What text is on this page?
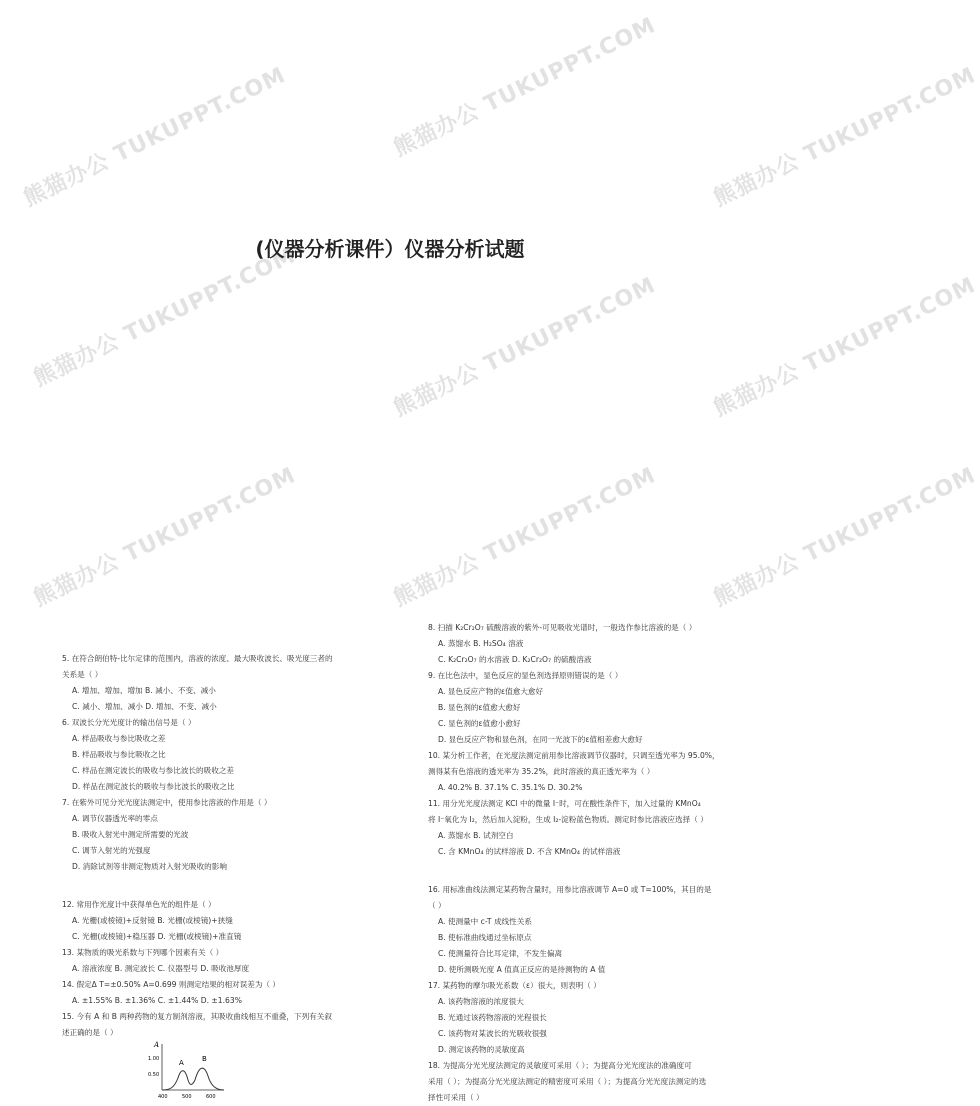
熊猫办公 TUKUPPT.COM	熊猫办公 TUKUPPT.COM 熊猫办公 TUKUPPT.COM
熊猫办公 TUKUPPT.COM	熊猫办公 TUKUPPT.COM 熊猫办公 TUKUPPT.COM
熊猫办公 TUKUPPT.COM	熊猫办公 TUKUPPT.COM 熊猫办公 TUKUPPT.COM
(仪器分析课件）仪器分析试题

5. 在符合朗伯特-比尔定律的范围内，溶液的浓度、最大吸收波长、吸光度三者的

关系是（ ）

A. 增加、增加、增加 B. 减小、不变、减小

C. 减小、增加、减小 D. 增加、不变、减小

6. 双波长分光光度计的输出信号是（ ）

A. 样品吸收与参比吸收之差

B. 样品吸收与参比吸收之比

C. 样品在测定波长的吸收与参比波长的吸收之差

D. 样品在测定波长的吸收与参比波长的吸收之比

7. 在紫外可见分光光度法测定中，使用参比溶液的作用是（ ）

A. 调节仪器透光率的零点

B. 吸收入射光中测定所需要的光波

C. 调节入射光的光强度

D. 消除试剂等非测定物质对入射光吸收的影响

12. 常用作光度计中获得单色光的组件是（ ）

A. 光栅(或棱镜)+反射镜 B. 光栅(或棱镜)+狭缝

C. 光栅(或棱镜)+稳压器 D. 光栅(或棱镜)+准直镜

13. 某物质的吸光系数与下列哪个因素有关（ ）

A. 溶液浓度 B. 测定波长 C. 仪器型号 D. 吸收池厚度

14. 假定Δ T=±0.50% A=0.699 则测定结果的相对误差为（ ）

A. ±1.55% B. ±1.36% C. ±1.44% D. ±1.63%

15. 今有 A 和 B 两种药物的复方制剂溶液，其吸收曲线相互不重叠，下列有关叙

述正确的是（ ）

8. 扫描 K₂Cr₂O₇ 硫酸溶液的紫外-可见吸收光谱时，一般选作参比溶液的是（ ）

A. 蒸馏水 B. H₂SO₄ 溶液

C. K₂Cr₂O₇ 的水溶液 D. K₂Cr₂O₇ 的硫酸溶液

9. 在比色法中，显色反应的显色剂选择原则错误的是（ ）

A. 显色反应产物的ε值愈大愈好

B. 显色剂的ε值愈大愈好

C. 显色剂的ε值愈小愈好

D. 显色反应产物和显色剂，在同一光波下的ε值相差愈大愈好

10. 某分析工作者，在光度法测定前用参比溶液调节仪器时，只调至透光率为 95.0%，

测得某有色溶液的透光率为 35.2%，此时溶液的真正透光率为（ ）

A. 40.2% B. 37.1% C. 35.1% D. 30.2%

11. 用分光光度法测定 KCl 中的微量 I⁻时，可在酸性条件下，加入过量的 KMnO₄

将 I⁻氧化为 I₂，然后加入淀粉，生成 I₂-淀粉蓝色物质。测定时参比溶液应选择（ ）

A. 蒸馏水 B. 试剂空白

C. 含 KMnO₄ 的试样溶液 D. 不含 KMnO₄ 的试样溶液

16. 用标准曲线法测定某药物含量时，用参比溶液调节 A=0 或 T=100%，其目的是

（ ）

A. 使测量中 c-T 成线性关系

B. 使标准曲线通过坐标原点

C. 使测量符合比耳定律，不发生偏离

D. 使所测吸光度 A 值真正反应的是待测物的 A 值

17. 某药物的摩尔吸光系数（ε）很大，则表明（ ）

A. 该药物溶液的浓度很大

B. 光通过该药物溶液的光程很长

C. 该药物对某波长的光吸收很强

D. 测定该药物的灵敏度高

18. 为提高分光光度法测定的灵敏度可采用（ ）；为提高分光光度法的准确度可

采用（ ）；为提高分光光度法测定的精密度可采用（ ）；为提高分光光度法测定的选

择性可采用（ ）

A
1.00
0.50
A	B
400	500	600
